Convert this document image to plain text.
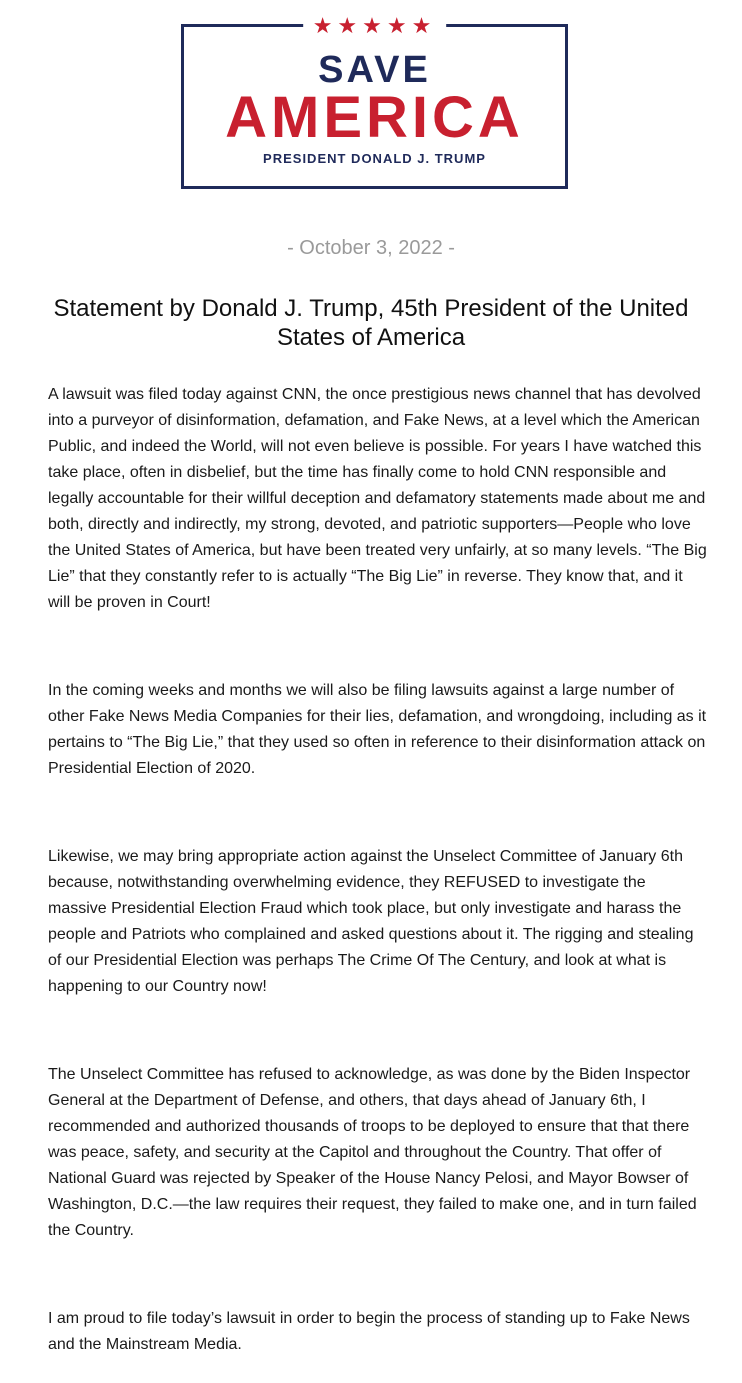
★★★★★
SAVE
AMERICA
PRESIDENT DONALD J. TRUMP
- October 3, 2022 -
Statement by Donald J. Trump, 45th President of the United States of America

A lawsuit was filed today against CNN, the once prestigious news channel that has devolved into a purveyor of disinformation, defamation, and Fake News, at a level which the American Public, and indeed the World, will not even believe is possible. For years I have watched this take place, often in disbelief, but the time has finally come to hold CNN responsible and legally accountable for their willful deception and defamatory statements made about me and both, directly and indirectly, my strong, devoted, and patriotic supporters—People who love the United States of America, but have been treated very unfairly, at so many levels. “The Big Lie” that they constantly refer to is actually “The Big Lie” in reverse. They know that, and it will be proven in Court!

In the coming weeks and months we will also be filing lawsuits against a large number of other Fake News Media Companies for their lies, defamation, and wrongdoing, including as it pertains to “The Big Lie,” that they used so often in reference to their disinformation attack on Presidential Election of 2020.

Likewise, we may bring appropriate action against the Unselect Committee of January 6th because, notwithstanding overwhelming evidence, they REFUSED to investigate the massive Presidential Election Fraud which took place, but only investigate and harass the people and Patriots who complained and asked questions about it. The rigging and stealing of our Presidential Election was perhaps The Crime Of The Century, and look at what is happening to our Country now!

The Unselect Committee has refused to acknowledge, as was done by the Biden Inspector General at the Department of Defense, and others, that days ahead of January 6th, I recommended and authorized thousands of troops to be deployed to ensure that that there was peace, safety, and security at the Capitol and throughout the Country. That offer of National Guard was rejected by Speaker of the House Nancy Pelosi, and Mayor Bowser of Washington, D.C.—the law requires their request, they failed to make one, and in turn failed the Country.

I am proud to file today’s lawsuit in order to begin the process of standing up to Fake News and the Mainstream Media.
